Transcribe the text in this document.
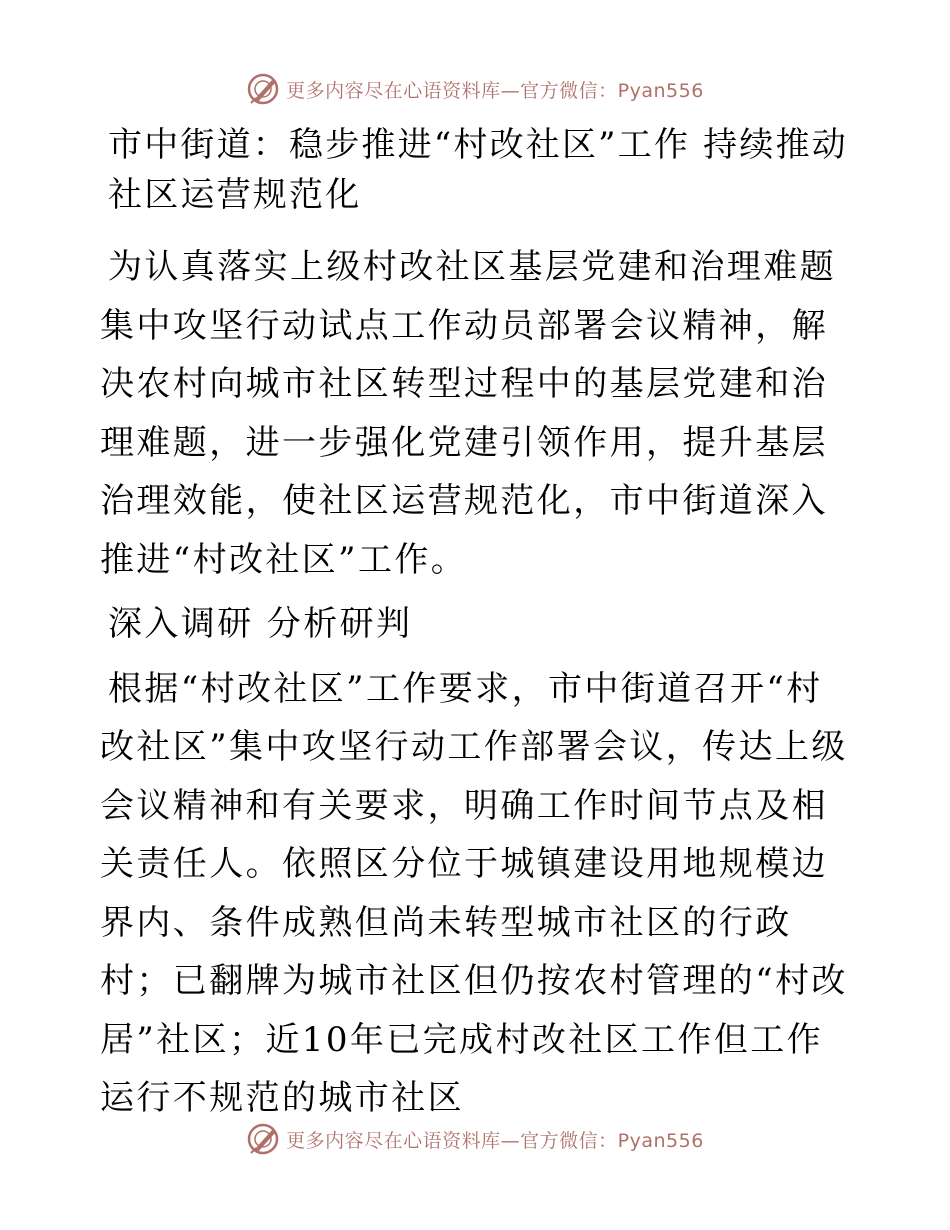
更多内容尽在心语资料库—官方微信：Pyan556
市中街道：稳步推进“村改社区”工作 持续推动社区运营规范化

为认真落实上级村改社区基层党建和治理难题集中攻坚行动试点工作动员部署会议精神，解决农村向城市社区转型过程中的基层党建和治理难题，进一步强化党建引领作用，提升基层治理效能，使社区运营规范化，市中街道深入推进“村改社区”工作。

深入调研 分析研判

根据“村改社区”工作要求，市中街道召开“村改社区”集中攻坚行动工作部署会议，传达上级会议精神和有关要求，明确工作时间节点及相关责任人。依照区分位于城镇建设用地规模边界内、条件成熟但尚未转型城市社区的行政村；已翻牌为城市社区但仍按农村管理的“村改居”社区；近10年已完成村改社区工作但工作运行不规范的城市社区

更多内容尽在心语资料库—官方微信：Pyan556
